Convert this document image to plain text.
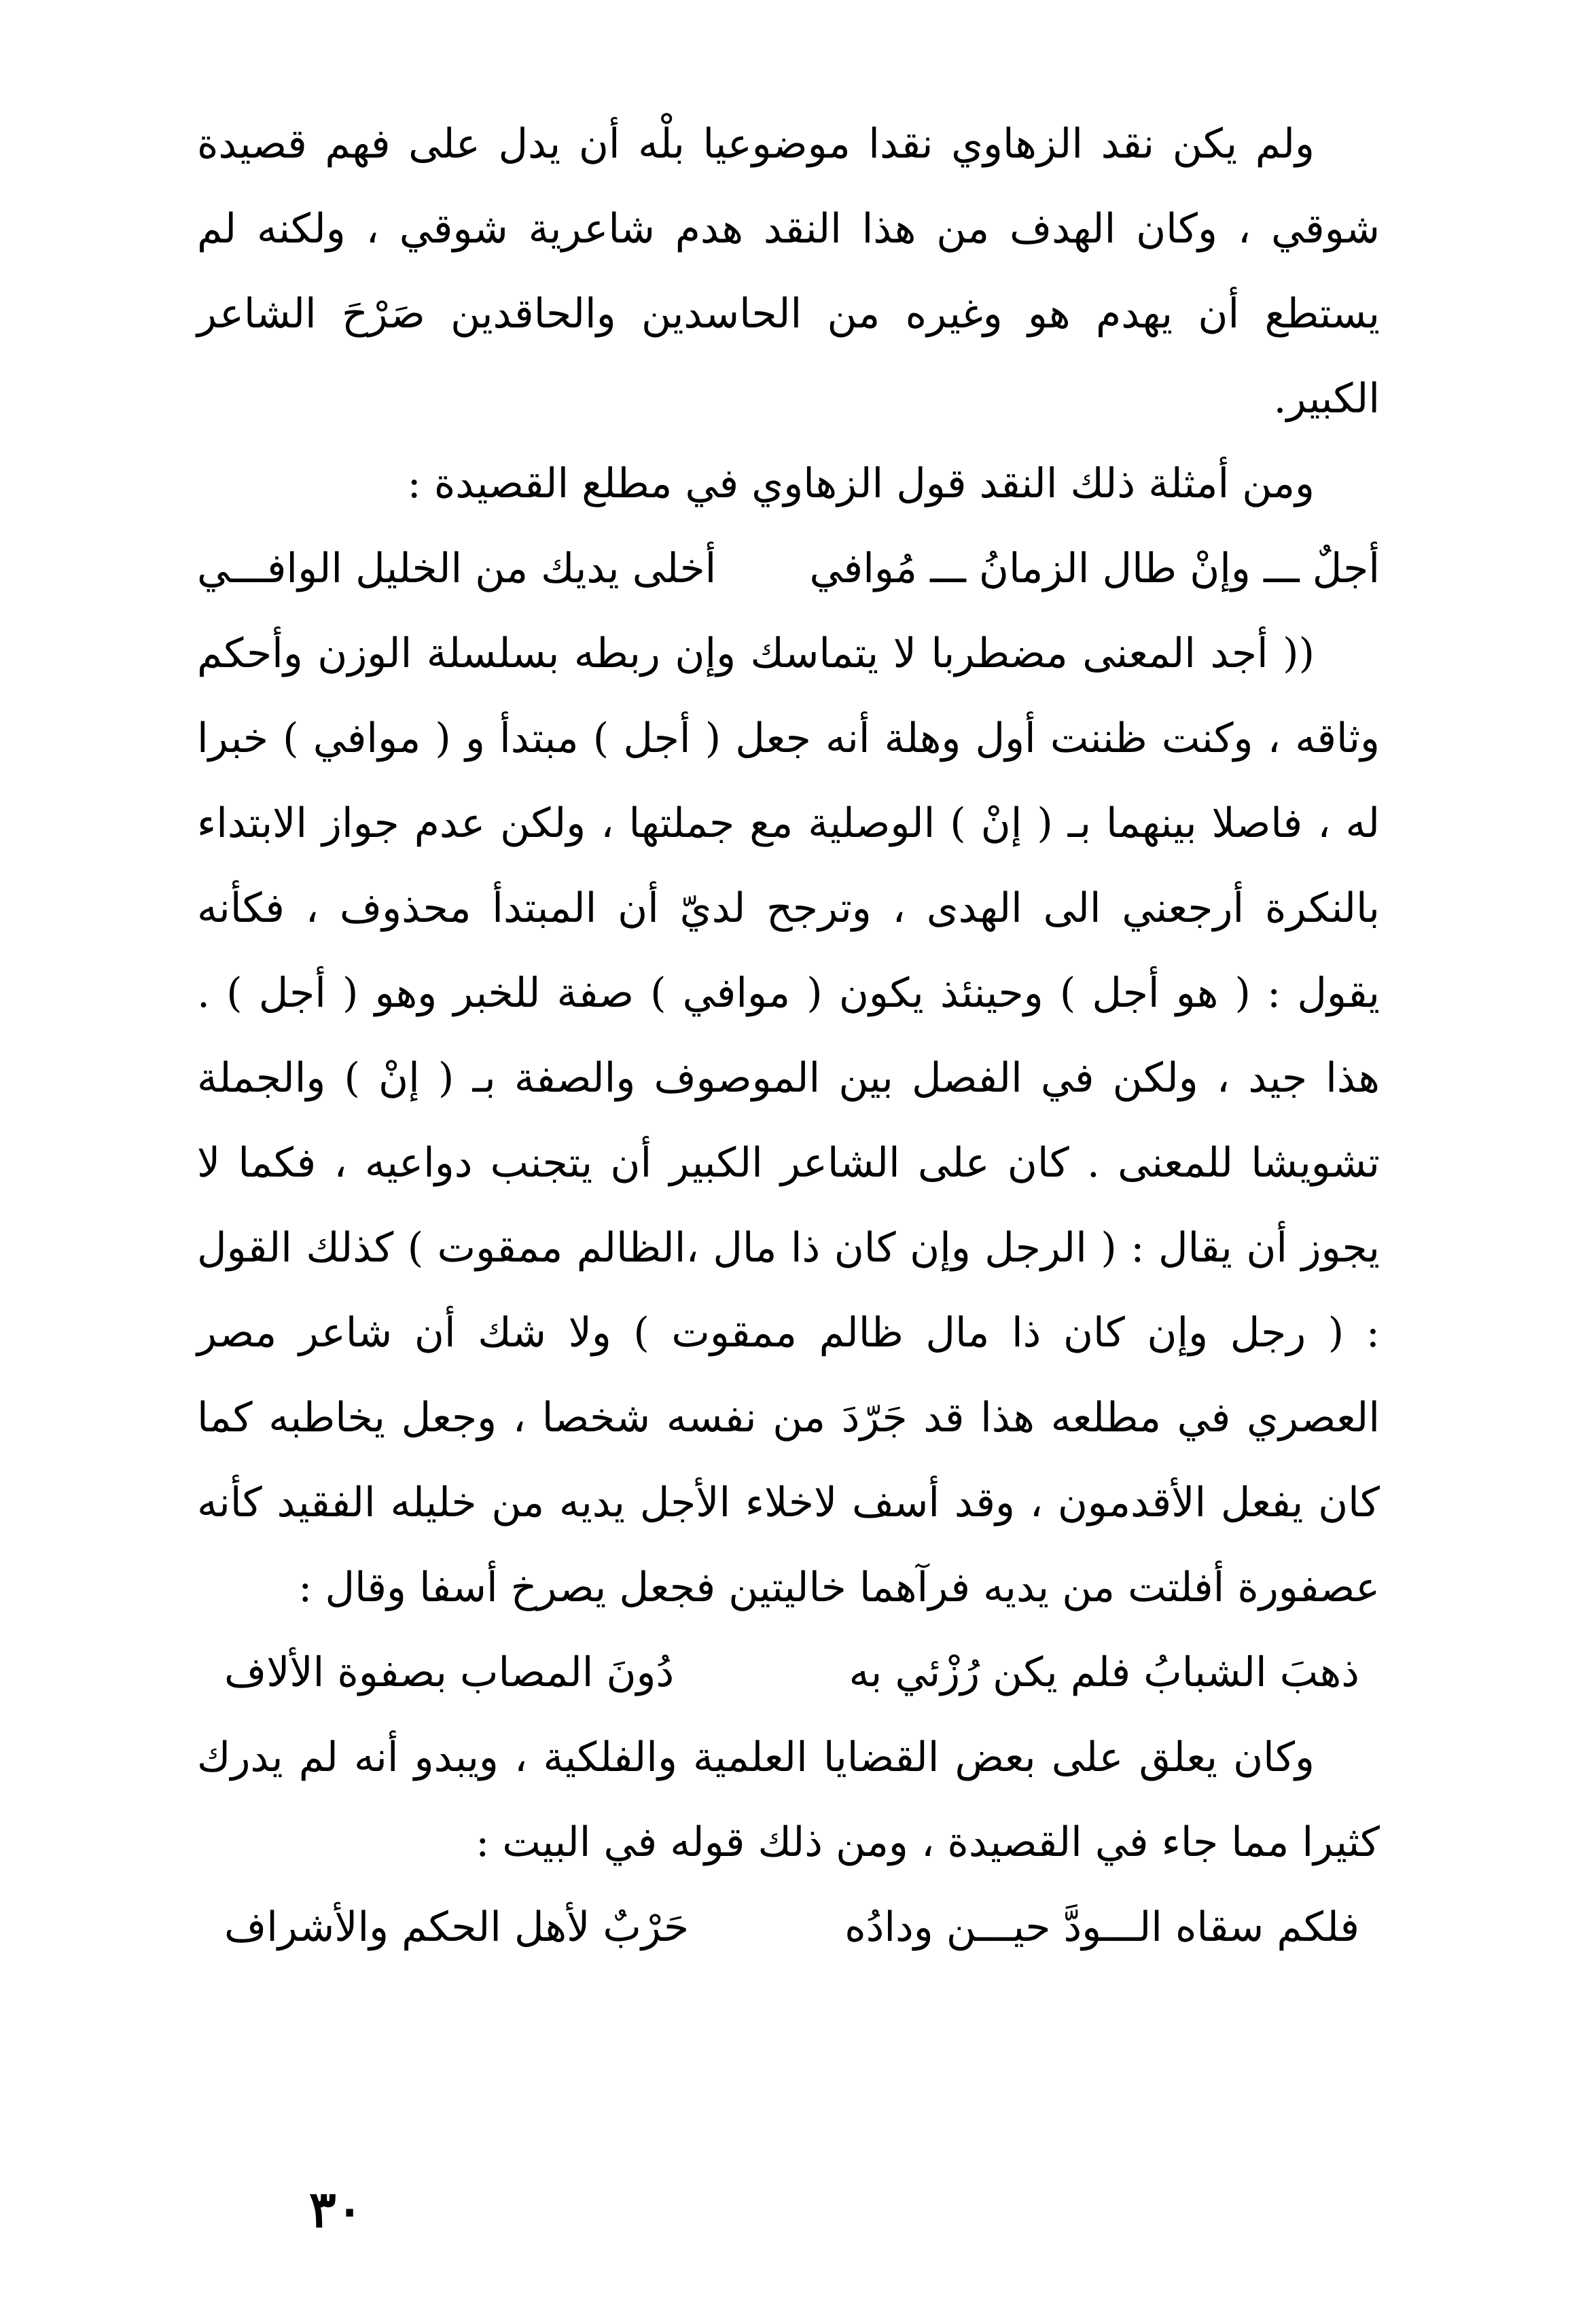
ولم يكن نقد الزهاوي نقدا موضوعيا بلْه أن يدل على فهم قصيدة شوقي ، وكان الهدف من هذا النقد هدم شاعرية شوقي ، ولكنه لم يستطع أن يهدم هو وغيره من الحاسدين والحاقدين صَرْحَ الشاعر الكبير.

ومن أمثلة ذلك النقد قول الزهاوي في مطلع القصيدة :

أجلٌ ـــ وإنْ طال الزمانُ ـــ مُوافي
أخلى يديك من الخليل الوافـــي

(( أجد المعنى مضطربا لا يتماسك وإن ربطه بسلسلة الوزن وأحكم وثاقه ، وكنت ظننت أول وهلة أنه جعل ( أجل ) مبتدأ و ( موافي ) خبرا له ، فاصلا بينهما بـ ( إنْ ) الوصلية مع جملتها ، ولكن عدم جواز الابتداء بالنكرة أرجعني الى الهدى ، وترجح لديّ أن المبتدأ محذوف ، فكأنه يقول : ( هو أجل ) وحينئذ يكون ( موافي ) صفة للخبر وهو ( أجل ) . هذا جيد ، ولكن في الفصل بين الموصوف والصفة بـ ( إنْ ) والجملة تشويشا للمعنى . كان على الشاعر الكبير أن يتجنب دواعيه ، فكما لا يجوز أن يقال : ( الرجل وإن كان ذا مال ،الظالم ممقوت ) كذلك القول : ( رجل وإن كان ذا مال ظالم ممقوت ) ولا شك أن شاعر مصر العصري في مطلعه هذا قد جَرّدَ من نفسه شخصا ، وجعل يخاطبه كما كان يفعل الأقدمون ، وقد أسف لاخلاء الأجل يديه من خليله الفقيد كأنه عصفورة أفلتت من يديه فرآهما خاليتين فجعل يصرخ أسفا وقال :

ذهبَ الشبابُ فلم يكن رُزْئي به
دُونَ المصاب بصفوة الألاف

وكان يعلق على بعض القضايا العلمية والفلكية ، ويبدو أنه لم يدرك كثيرا مما جاء في القصيدة ، ومن ذلك قوله في البيت :

فلكم سقاه الـــودَّ حيـــن ودادُه
حَرْبٌ لأهل الحكم والأشراف
٣٠
